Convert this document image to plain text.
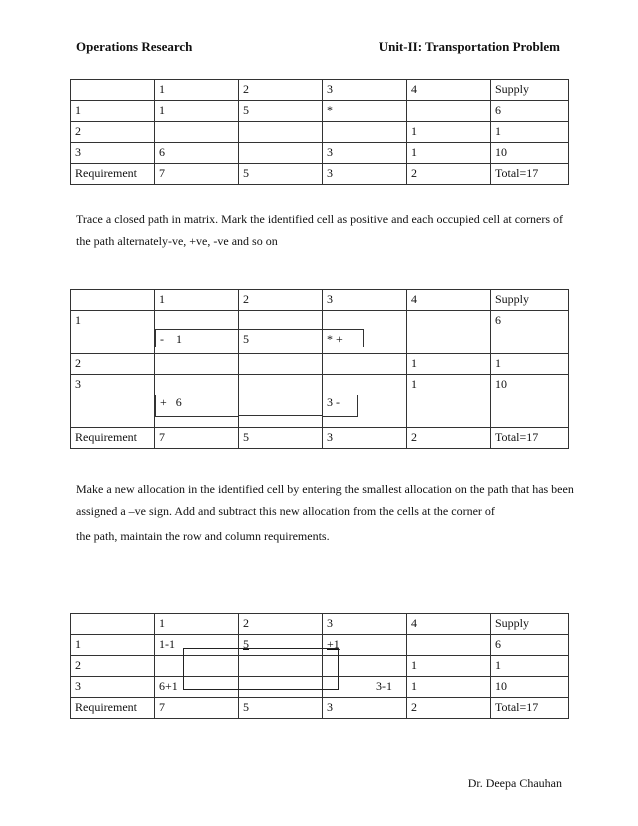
Operations Research	Unit-II: Transportation Problem
	1	2	3	4	Supply
1	1	5	*		6
2				1	1
3	6		3	1	10
Requirement	7	5	3	2	Total=17
Trace a closed path in matrix. Mark the identified cell as positive and each occupied cell at corners of the path alternately-ve, +ve, -ve and so on
	1	2	3	4	Supply
1	- 1	5	* +		6
2				1	1
3	+ 6		3 -	1	10
Requirement	7	5	3	2	Total=17
Make a new allocation in the identified cell by entering the smallest allocation on the path that has been assigned a –ve sign. Add and subtract this new allocation from the cells at the corner of
the path, maintain the row and column requirements.
	1	2	3	4	Supply
1	1-1	5	+1		6
2				1	1
3	6+1		3-1	1	10
Requirement	7	5	3	2	Total=17
Dr. Deepa Chauhan
